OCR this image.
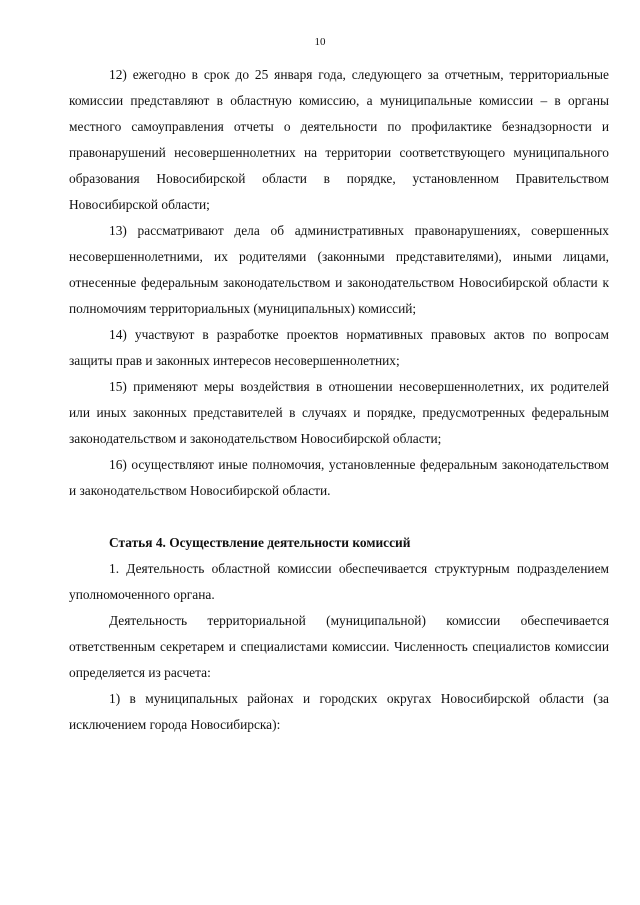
10

12) ежегодно в срок до 25 января года, следующего за отчетным, территориальные комиссии представляют в областную комиссию, а муниципальные комиссии – в органы местного самоуправления отчеты о деятельности по профилактике безнадзорности и правонарушений несовершеннолетних на территории соответствующего муниципального образования Новосибирской области в порядке, установленном Правительством Новосибирской области;

13) рассматривают дела об административных правонарушениях, совершенных несовершеннолетними, их родителями (законными представителями), иными лицами, отнесенные федеральным законодательством и законодательством Новосибирской области к полномочиям территориальных (муниципальных) комиссий;

14) участвуют в разработке проектов нормативных правовых актов по вопросам защиты прав и законных интересов несовершеннолетних;

15) применяют меры воздействия в отношении несовершеннолетних, их родителей или иных законных представителей в случаях и порядке, предусмотренных федеральным законодательством и законодательством Новосибирской области;

16) осуществляют иные полномочия, установленные федеральным законодательством и законодательством Новосибирской области.

Статья 4. Осуществление деятельности комиссий

1. Деятельность областной комиссии обеспечивается структурным подразделением уполномоченного органа.

Деятельность территориальной (муниципальной) комиссии обеспечивается ответственным секретарем и специалистами комиссии. Численность специалистов комиссии определяется из расчета:

1) в муниципальных районах и городских округах Новосибирской области (за исключением города Новосибирска):
